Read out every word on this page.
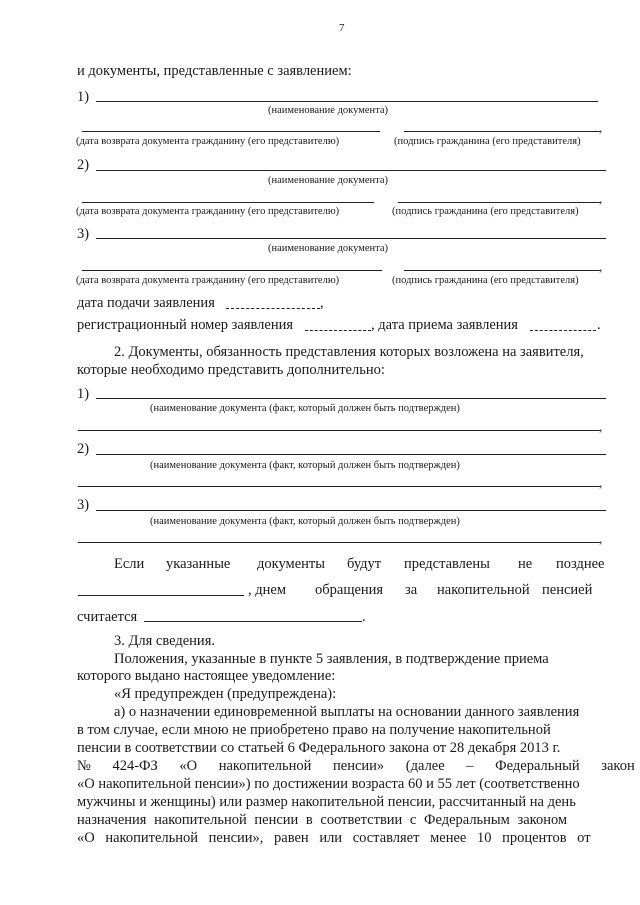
7
и документы, представленные с заявлением:
1)
(наименование документа)
,
(дата возврата документа гражданину (его представителю)	(подпись гражданина (его представителя)
2)
(наименование документа)
,
(дата возврата документа гражданину (его представителю)	(подпись гражданина (его представителя)
3)
(наименование документа)
,
(дата возврата документа гражданину (его представителю)	(подпись гражданина (его представителя)
дата подачи заявления	,
регистрационный номер заявления	, дата приема заявления	.
2. Документы, обязанность представления которых возложена на заявителя,
которые необходимо представить дополнительно:
1)
(наименование документа (факт, который должен быть подтвержден)
,
2)
(наименование документа (факт, который должен быть подтвержден)
,
3)
(наименование документа (факт, который должен быть подтвержден)
,
Если указанные документы будут представлены не позднее
, днем обращения за накопительной пенсией
считается	.
3. Для сведения.
Положения, указанные в пункте 5 заявления, в подтверждение приема
которого выдано настоящее уведомление:
«Я предупрежден (предупреждена):
а) о назначении единовременной выплаты на основании данного заявления
в том случае, если мною не приобретено право на получение накопительной
пенсии в соответствии со статьей 6 Федерального закона от 28 декабря 2013 г.
№ 424-ФЗ «О накопительной пенсии» (далее – Федеральный закон
«О накопительной пенсии») по достижении возраста 60 и 55 лет (соответственно
мужчины и женщины) или размер накопительной пенсии, рассчитанный на день
назначения накопительной пенсии в соответствии с Федеральным законом
«О накопительной пенсии», равен или составляет менее 10 процентов от
